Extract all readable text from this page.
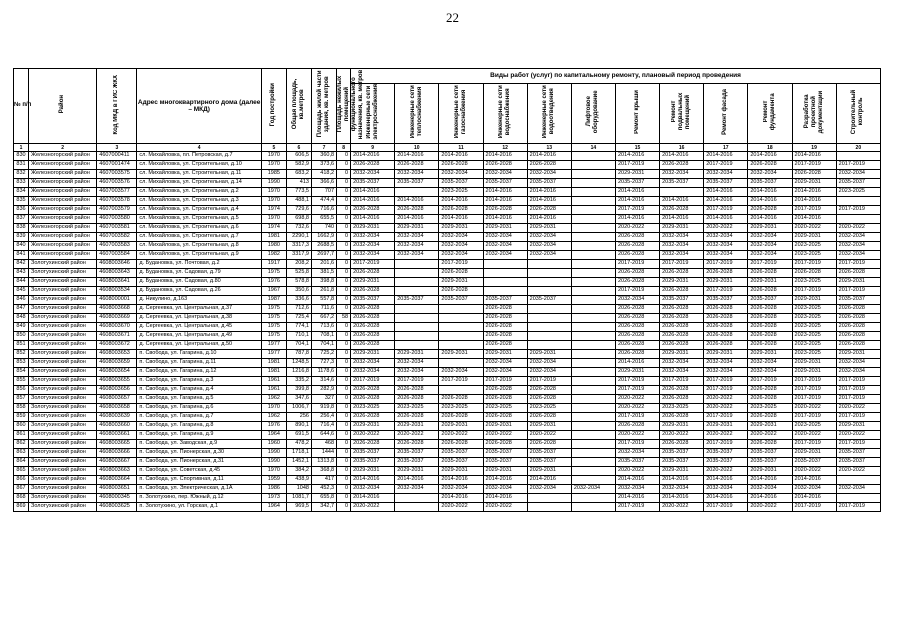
22
№ п/п	Район	Код МКД в ГИС ЖКХ	Адрес многоквартирного дома (далее – МКД)	Год постройки	Общая площадь, кв.метров	Площадь жилой части здания, кв. метров	Площадь нежилых помещений функционального назначения, кв. метров	Виды работ (услуг) по капитальному ремонту, плановый период проведения											
								Инженерные сети электроснабжения	Инженерные сети теплоснабжения	Инженерные сети газоснабжения	Инженерные сети водоснабжения	Инженерные сети водоотведения	Лифтовое оборудование	Ремонт крыши	Ремонт подвальных помещений	Ремонт фасада	Ремонт фундамента	Разработка проектной документации	Строительный контроль
1	2	3	4	5	6	7	8	9	10	11	12	13	14	15	16	17	18	19	20
830	Железногорский район	4607000411	сл. Михайловка, пл. Петровская, д.7	1970	606,5	360,8	0	2014-2016	2014-2016	2014-2016	2014-2016	2014-2016		2014-2016	2014-2016	2014-2016	2014-2016	2014-2016	
831	Железногорский район	4607001474	сл. Михайловка, ул. Строительная, д.10	1970	582,9	373,6	0	2026-2028	2026-2028	2026-2028	2026-2028	2026-2028		2017-2019	2026-2028	2017-2019	2026-2028	2017-2019	2017-2019
832	Железногорский район	4607003575	сл. Михайловка, ул. Строительная, д.11	1985	683,2	418,2	0	2032-2034	2032-2034	2032-2034	2032-2034	2032-2034		2029-2031	2032-2034	2032-2034	2032-2034	2026-2028	2032-2034
833	Железногорский район	4607003576	сл. Михайловка, ул. Строительная, д.14	1990	413	366,6	0	2035-2037	2035-2037	2035-2037	2035-2037	2035-2037		2035-2037	2035-2037	2035-2037	2035-2037	2029-2031	2035-2037
834	Железногорский район	4607003577	сл. Михайловка, ул. Строительная, д.2	1970	773,5	707	0	2014-2016		2023-2025	2014-2016	2014-2016		2014-2016		2014-2016	2014-2016	2014-2016	2023-2025
835	Железногорский район	4607003578	сл. Михайловка, ул. Строительная, д.3	1970	488,1	474,4	0	2014-2016	2014-2016	2014-2016	2014-2016	2014-2016		2014-2016	2014-2016	2014-2016	2014-2016	2014-2016	
836	Железногорский район	4607003579	сл. Михайловка, ул. Строительная, д.4	1974	729,6	716,6	0	2026-2028	2026-2028	2026-2028	2026-2028	2026-2028		2017-2019	2026-2028	2017-2019	2026-2028	2017-2019	2017-2019
837	Железногорский район	4607003580	сл. Михайловка, ул. Строительная, д.5	1970	698,8	655,5	0	2014-2016	2014-2016	2014-2016	2014-2016	2014-2016		2014-2016	2014-2016	2014-2016	2014-2016	2014-2016	
838	Железногорский район	4607003581	сл. Михайловка, ул. Строительная, д.6	1974	732,6	740	0	2029-2031	2029-2031	2029-2031	2029-2031	2029-2031		2020-2022	2029-2031	2020-2022	2029-2031	2020-2022	2020-2022
839	Железногорский район	4607003582	сл. Михайловка, ул. Строительная, д.7	1981	2290,1	1662,9	0	2032-2034	2032-2034	2032-2034	2032-2034	2032-2034		2026-2028	2032-2034	2032-2034	2032-2034	2029-2031	2032-2034
840	Железногорский район	4607003583	сл. Михайловка, ул. Строительная, д.8	1980	3317,3	2688,5	0	2032-2034	2032-2034	2032-2034	2032-2034	2032-2034		2026-2028	2032-2034	2032-2034	2032-2034	2023-2025	2032-2034
841	Железногорский район	4607003584	сл. Михайловка, ул. Строительная, д.9	1982	3317,9	2697,7	0	2032-2034	2032-2034	2032-2034	2032-2034	2032-2034		2026-2028	2032-2034	2032-2034	2032-2034	2023-2025	2032-2034
842	Золотухинский район	4608003646	д. Будановка, ул. Почтовая, д.2	1917	208,2	201,6	0	2017-2019		2017-2019				2017-2019	2017-2019	2017-2019	2017-2019	2017-2019	2017-2019
843	Золотухинский район	4608003643	д. Будановка, ул. Садовая, д.79	1975	525,8	381,5	0	2026-2028		2026-2028				2026-2028	2026-2028	2026-2028	2026-2028	2026-2028	2026-2028
844	Золотухинский район	4608003641	д. Будановка, ул. Садовая, д.80	1976	578,8	398,8	0	2029-2031		2029-2031				2026-2028	2029-2031	2029-2031	2029-2031	2023-2025	2029-2031
845	Золотухинский район	4608003534	д. Будановка, ул. Садовая, д.26	1967	350,6	261,8	0	2026-2028		2026-2028				2017-2019	2026-2028	2017-2019	2026-2028	2017-2019	2017-2019
846	Золотухинский район	4608000001	д. Никулино, д.163	1987	336,6	557,8	0	2035-2037	2035-2037	2035-2037	2035-2037	2035-2037		2032-2034	2035-2037	2035-2037	2035-2037	2029-2031	2035-2037
847	Золотухинский район	4608003668	д. Сергеевка, ул. Центральная, д.37	1975	712,6	711,6	0	2026-2028			2026-2028			2026-2028	2026-2028	2026-2028	2026-2028	2023-2025	2026-2028
848	Золотухинский район	4608003669	д. Сергеевка, ул. Центральная, д.38	1975	725,4	667,2	58	2026-2028			2026-2028			2026-2028	2026-2028	2026-2028	2026-2028	2023-2025	2026-2028
849	Золотухинский район	4608003670	д. Сергеевка, ул. Центральная, д.45	1975	774,1	713,6	0	2026-2028			2026-2028			2026-2028	2026-2028	2026-2028	2026-2028	2023-2025	2026-2028
850	Золотухинский район	4608003671	д. Сергеевка, ул. Центральная, д.49	1975	710,1	708,1	0	2026-2028			2026-2028			2026-2028	2026-2028	2026-2028	2026-2028	2023-2025	2026-2028
851	Золотухинский район	4608003672	д. Сергеевка, ул. Центральная, д.50	1977	704,1	704,1	0	2026-2028			2026-2028			2026-2028	2026-2028	2026-2028	2026-2028	2023-2025	2026-2028
852	Золотухинский район	4608003653	п. Свобода, ул. Гагарина, д.10	1977	787,8	725,2	0	2029-2031	2029-2031	2029-2031	2029-2031	2029-2031		2026-2028	2029-2031	2029-2031	2029-2031	2023-2025	2029-2031
853	Золотухинский район	4608003659	п. Свобода, ул. Гагарина, д.11	1981	1248,5	727,3	0	2032-2034	2032-2034		2032-2034	2032-2034		2014-2016	2032-2034	2032-2034	2032-2034	2029-2031	2032-2034
854	Золотухинский район	4608003654	п. Свобода, ул. Гагарина, д.12	1981	1216,8	1178,6	0	2032-2034	2032-2034	2032-2034	2032-2034	2032-2034		2029-2031	2032-2034	2032-2034	2032-2034	2029-2031	2032-2034
855	Золотухинский район	4608003655	п. Свобода, ул. Гагарина, д.3	1961	335,2	314,6	0	2017-2019	2017-2019	2017-2019	2017-2019	2017-2019		2017-2019	2017-2019	2017-2019	2017-2019	2017-2019	2017-2019
856	Золотухинский район	4608003656	п. Свобода, ул. Гагарина, д.4	1961	399,8	282,9	0	2026-2028	2026-2028		2026-2028	2026-2028		2017-2019	2026-2028	2017-2019	2026-2028	2017-2019	2017-2019
857	Золотухинский район	4608003657	п. Свобода, ул. Гагарина, д.5	1962	347,6	327	0	2026-2028	2026-2028	2026-2028	2026-2028	2026-2028		2020-2022	2026-2028	2020-2022	2026-2028	2017-2019	2017-2019
858	Золотухинский район	4608003658	п. Свобода, ул. Гагарина, д.6	1970	1006,7	919,8	0	2023-2025	2023-2025	2023-2025	2023-2025	2023-2025		2020-2022	2023-2025	2020-2022	2023-2025	2020-2022	2020-2022
859	Золотухинский район	4608003639	п. Свобода, ул. Гагарина, д.7	1962	256	256,4	0	2026-2028	2026-2028	2026-2028	2026-2028	2026-2028		2017-2019	2026-2028	2017-2019	2026-2028	2017-2019	2017-2019
860	Золотухинский район	4608003660	п. Свобода, ул. Гагарина, д.8	1976	890,1	716,4	0	2029-2031	2029-2031	2029-2031	2029-2031	2029-2031		2026-2028	2029-2031	2029-2031	2029-2031	2023-2025	2029-2031
861	Золотухинский район	4608003661	п. Свобода, ул. Гагарина, д.9	1964	691,5	644,6	0	2020-2022	2020-2022	2020-2022	2020-2022	2020-2022		2020-2022	2020-2022	2020-2022	2020-2022	2020-2022	2020-2022
862	Золотухинский район	4608003665	п. Свобода, ул. Заводская, д.9	1960	478,2	468	0	2026-2028	2026-2028	2026-2028	2026-2028	2026-2028		2017-2019	2026-2028	2017-2019	2026-2028	2017-2019	2017-2019
863	Золотухинский район	4608003666	п. Свобода, ул. Пионерская, д.30	1990	1718,1	1444	0	2035-2037	2035-2037	2035-2037	2035-2037	2035-2037		2032-2034	2035-2037	2035-2037	2035-2037	2029-2031	2035-2037
864	Золотухинский район	4608003667	п. Свобода, ул. Пионерская, д.31	1990	1452,1	1313,8	0	2035-2037	2035-2037	2035-2037	2035-2037	2035-2037		2035-2037	2035-2037	2035-2037	2035-2037	2035-2037	2035-2037
865	Золотухинский район	4608003663	п. Свобода, ул. Советская, д.45	1970	384,2	368,8	0	2029-2031	2029-2031	2029-2031	2029-2031	2029-2031		2020-2022	2029-2031	2020-2022	2029-2031	2020-2022	2020-2022
866	Золотухинский район	4608003664	п. Свобода, ул. Спортивная, д.11	1959	438,9	417	0	2014-2016	2014-2016	2014-2016	2014-2016	2014-2016		2014-2016	2014-2016	2014-2016	2014-2016	2014-2016	
867	Золотухинский район	4608003651	п. Свобода, ул. Электрическая, д.1А	1986	1048	452,3	0	2032-2034	2032-2034	2032-2034	2032-2034	2032-2034	2032-2034	2032-2034	2032-2034	2032-2034	2032-2034	2032-2034	2032-2034
868	Золотухинский район	4608000345	п. Золотухино, пер. Южный, д.12	1973	1081,7	655,8	0	2014-2016		2014-2016	2014-2016			2014-2016	2014-2016	2014-2016	2014-2016	2014-2016	
869	Золотухинский район	4608003625	п. Золотухино, ул. Горская, д.1	1964	969,5	342,7	0	2020-2022		2020-2022	2020-2022			2017-2019	2020-2022	2017-2019	2020-2022	2017-2019	2017-2019
